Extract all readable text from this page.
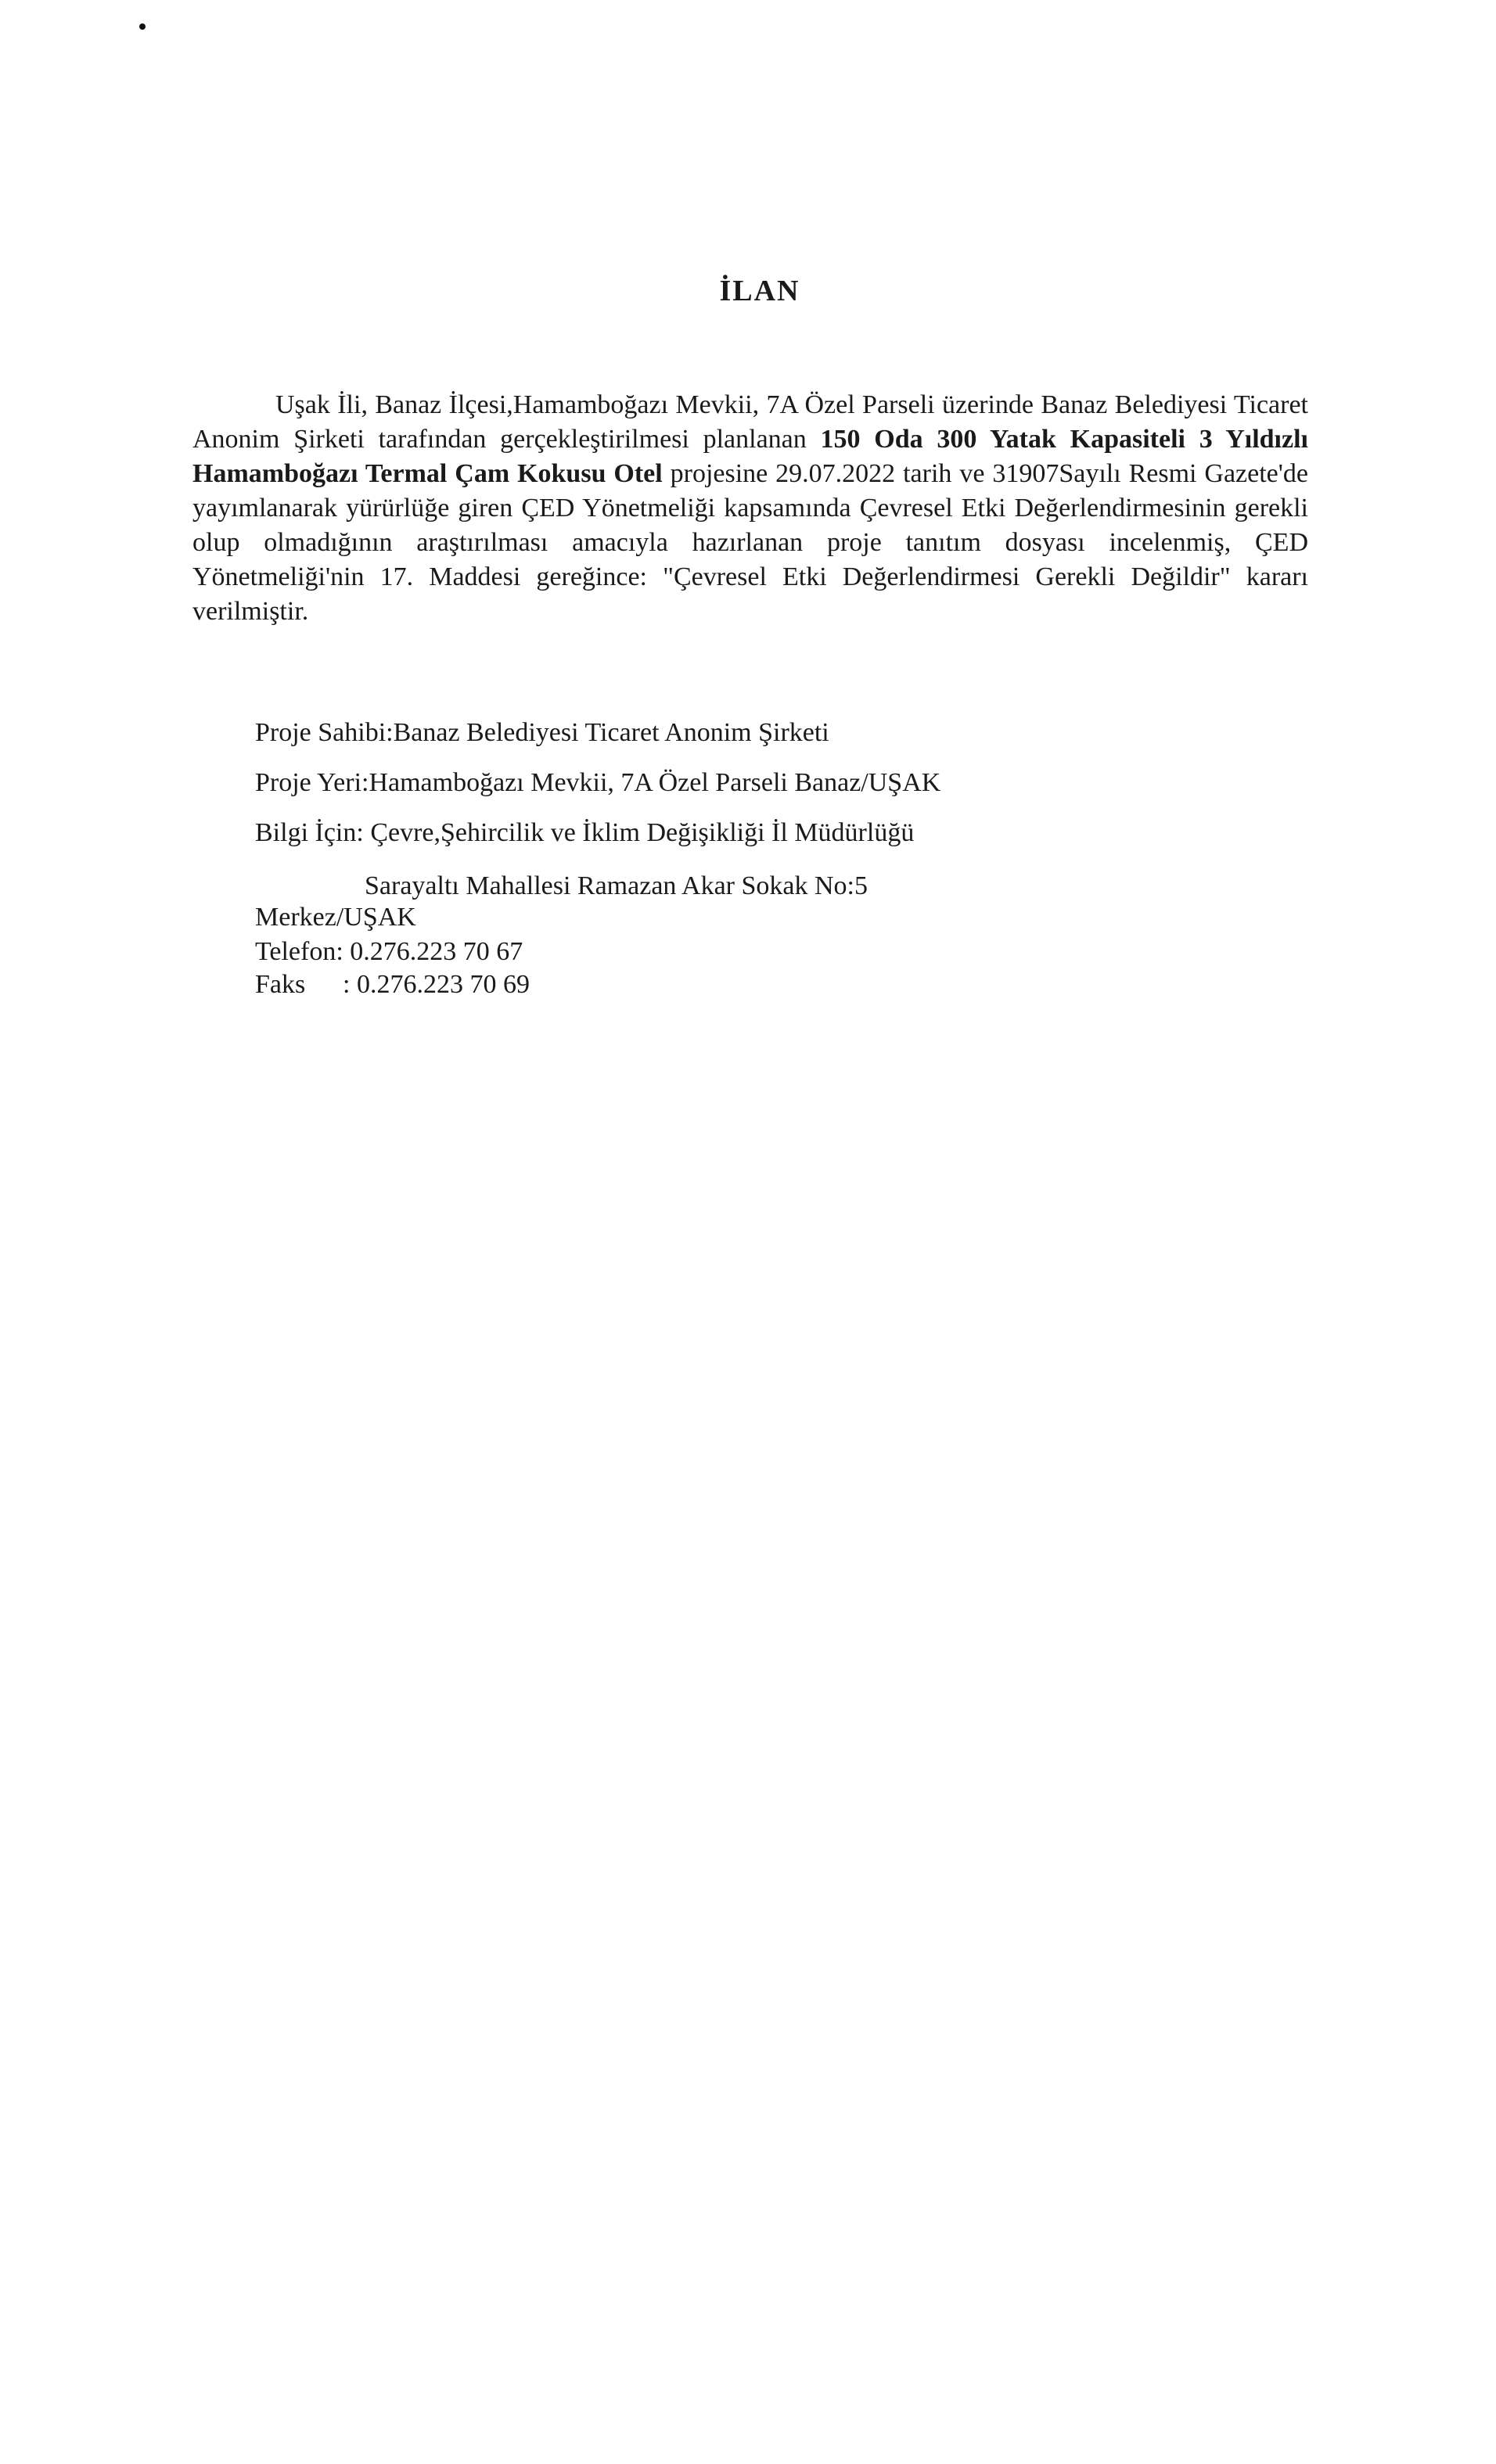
İLAN

Uşak İli, Banaz İlçesi,Hamamboğazı Mevkii, 7A Özel Parseli üzerinde Banaz Belediyesi Ticaret Anonim Şirketi tarafından gerçekleştirilmesi planlanan 150 Oda 300 Yatak Kapasiteli 3 Yıldızlı Hamamboğazı Termal Çam Kokusu Otel projesine 29.07.2022 tarih ve 31907Sayılı Resmi Gazete'de yayımlanarak yürürlüğe giren ÇED Yönetmeliği kapsamında Çevresel Etki Değerlendirmesinin gerekli olup olmadığının araştırılması amacıyla hazırlanan proje tanıtım dosyası incelenmiş, ÇED Yönetmeliği'nin 17. Maddesi gereğince: "Çevresel Etki Değerlendirmesi Gerekli Değildir" kararı verilmiştir.

Proje Sahibi:Banaz Belediyesi Ticaret Anonim Şirketi
Proje Yeri:Hamamboğazı Mevkii, 7A Özel Parseli Banaz/UŞAK
Bilgi İçin: Çevre,Şehircilik ve İklim Değişikliği İl Müdürlüğü
Sarayaltı Mahallesi Ramazan Akar Sokak No:5
Merkez/UŞAK
Telefon: 0.276.223 70 67
Faks : 0.276.223 70 69
